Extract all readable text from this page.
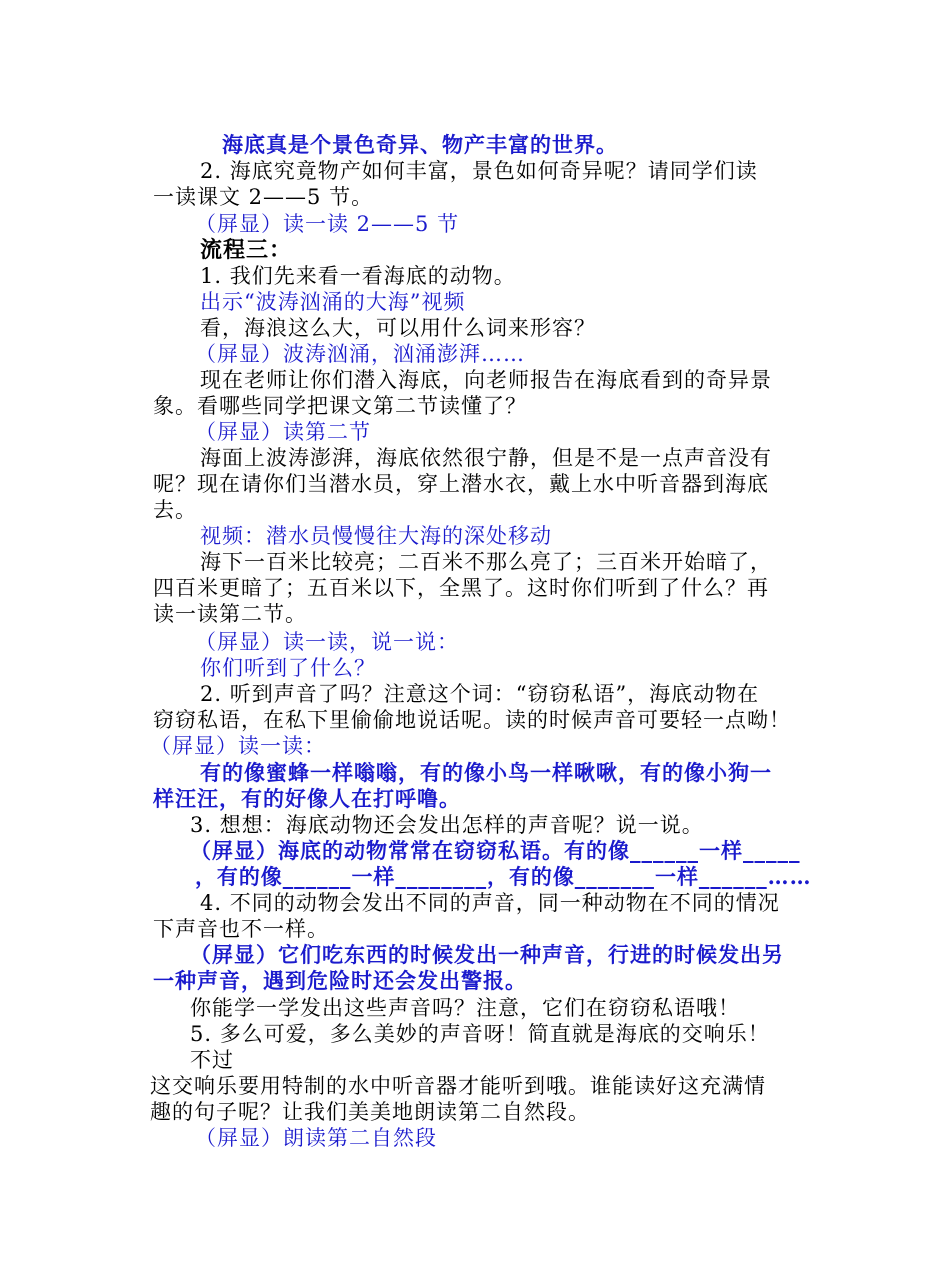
海底真是个景色奇异、物产丰富的世界。
2. 海底究竟物产如何丰富，景色如何奇异呢？请同学们读
一读课文 2——5 节。
（屏显）读一读 2——5 节
流程三：
1. 我们先来看一看海底的动物。
出示“波涛汹涌的大海”视频
看，海浪这么大，可以用什么词来形容？
（屏显）波涛汹涌，汹涌澎湃……
现在老师让你们潜入海底，向老师报告在海底看到的奇异景
象。看哪些同学把课文第二节读懂了？
（屏显）读第二节
海面上波涛澎湃，海底依然很宁静，但是不是一点声音没有
呢？现在请你们当潜水员，穿上潜水衣，戴上水中听音器到海底
去。
视频：潜水员慢慢往大海的深处移动
海下一百米比较亮；二百米不那么亮了；三百米开始暗了，
四百米更暗了；五百米以下，全黑了。这时你们听到了什么？再
读一读第二节。
（屏显）读一读，说一说：
你们听到了什么？
2. 听到声音了吗？注意这个词：“窃窃私语”，海底动物在
窃窃私语，在私下里偷偷地说话呢。读的时候声音可要轻一点呦！
（屏显）读一读：
有的像蜜蜂一样嗡嗡，有的像小鸟一样啾啾，有的像小狗一
样汪汪，有的好像人在打呼噜。
3. 想想：海底动物还会发出怎样的声音呢？说一说。
（屏显）海底的动物常常在窃窃私语。有的像______一样_____
，有的像______一样________，有的像_______一样______……
4. 不同的动物会发出不同的声音，同一种动物在不同的情况
下声音也不一样。
（屏显）它们吃东西的时候发出一种声音，行进的时候发出另
一种声音，遇到危险时还会发出警报。
你能学一学发出这些声音吗？注意，它们在窃窃私语哦！
5. 多么可爱，多么美妙的声音呀！简直就是海底的交响乐！
不过
这交响乐要用特制的水中听音器才能听到哦。谁能读好这充满情
趣的句子呢？让我们美美地朗读第二自然段。
（屏显）朗读第二自然段
